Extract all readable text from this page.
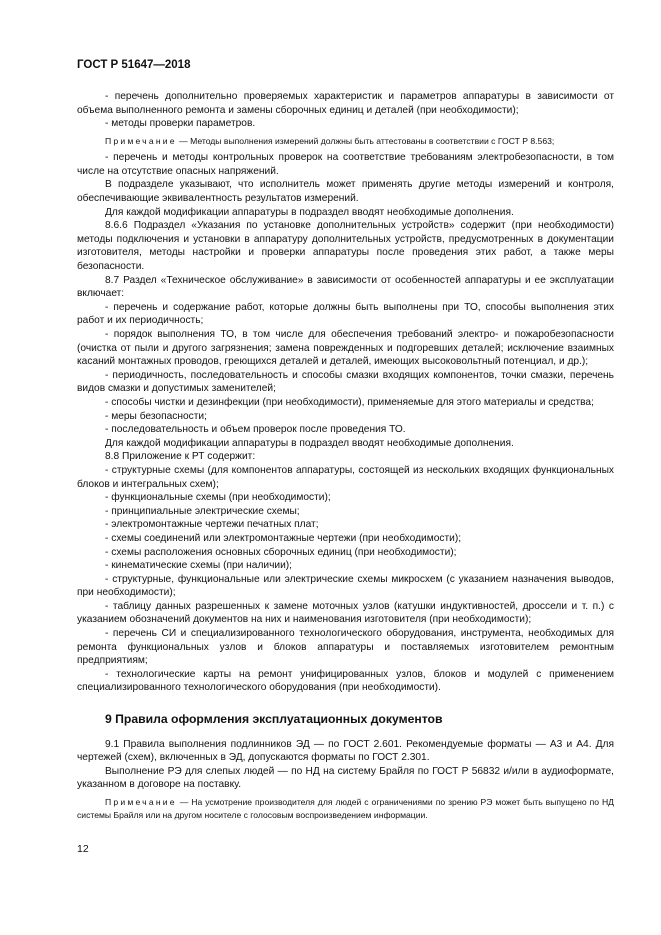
ГОСТ Р 51647—2018

- перечень дополнительно проверяемых характеристик и параметров аппаратуры в зависимости от объема выполненного ремонта и замены сборочных единиц и деталей (при необходимости);

- методы проверки параметров.

Примечание — Методы выполнения измерений должны быть аттестованы в соответствии с ГОСТ Р 8.563;

- перечень и методы контрольных проверок на соответствие требованиям электробезопасности, в том числе на отсутствие опасных напряжений.

В подразделе указывают, что исполнитель может применять другие методы измерений и контроля, обеспечивающие эквивалентность результатов измерений.

Для каждой модификации аппаратуры в подраздел вводят необходимые дополнения.

8.6.6 Подраздел «Указания по установке дополнительных устройств» содержит (при необходимости) методы подключения и установки в аппаратуру дополнительных устройств, предусмотренных в документации изготовителя, методы настройки и проверки аппаратуры после проведения этих работ, а также меры безопасности.

8.7 Раздел «Техническое обслуживание» в зависимости от особенностей аппаратуры и ее эксплуатации включает:

- перечень и содержание работ, которые должны быть выполнены при ТО, способы выполнения этих работ и их периодичность;

- порядок выполнения ТО, в том числе для обеспечения требований электро- и пожаробезопасности (очистка от пыли и другого загрязнения; замена поврежденных и подгоревших деталей; исключение взаимных касаний монтажных проводов, греющихся деталей и деталей, имеющих высоковольтный потенциал, и др.);

- периодичность, последовательность и способы смазки входящих компонентов, точки смазки, перечень видов смазки и допустимых заменителей;

- способы чистки и дезинфекции (при необходимости), применяемые для этого материалы и средства;

- меры безопасности;

- последовательность и объем проверок после проведения ТО.

Для каждой модификации аппаратуры в подраздел вводят необходимые дополнения.

8.8 Приложение к РТ содержит:

- структурные схемы (для компонентов аппаратуры, состоящей из нескольких входящих функциональных блоков и интегральных схем);

- функциональные схемы (при необходимости);

- принципиальные электрические схемы;

- электромонтажные чертежи печатных плат;

- схемы соединений или электромонтажные чертежи (при необходимости);

- схемы расположения основных сборочных единиц (при необходимости);

- кинематические схемы (при наличии);

- структурные, функциональные или электрические схемы микросхем (с указанием назначения выводов, при необходимости);

- таблицу данных разрешенных к замене моточных узлов (катушки индуктивностей, дроссели и т. п.) с указанием обозначений документов на них и наименования изготовителя (при необходимости);

- перечень СИ и специализированного технологического оборудования, инструмента, необходимых для ремонта функциональных узлов и блоков аппаратуры и поставляемых изготовителем ремонтным предприятиям;

- технологические карты на ремонт унифицированных узлов, блоков и модулей с применением специализированного технологического оборудования (при необходимости).

9 Правила оформления эксплуатационных документов

9.1 Правила выполнения подлинников ЭД — по ГОСТ 2.601. Рекомендуемые форматы — А3 и А4. Для чертежей (схем), включенных в ЭД, допускаются форматы по ГОСТ 2.301.

Выполнение РЭ для слепых людей — по НД на систему Брайля по ГОСТ Р 56832 и/или в аудиоформате, указанном в договоре на поставку.

Примечание — На усмотрение производителя для людей с ограничениями по зрению РЭ может быть выпущено по НД системы Брайля или на другом носителе с голосовым воспроизведением информации.

12
